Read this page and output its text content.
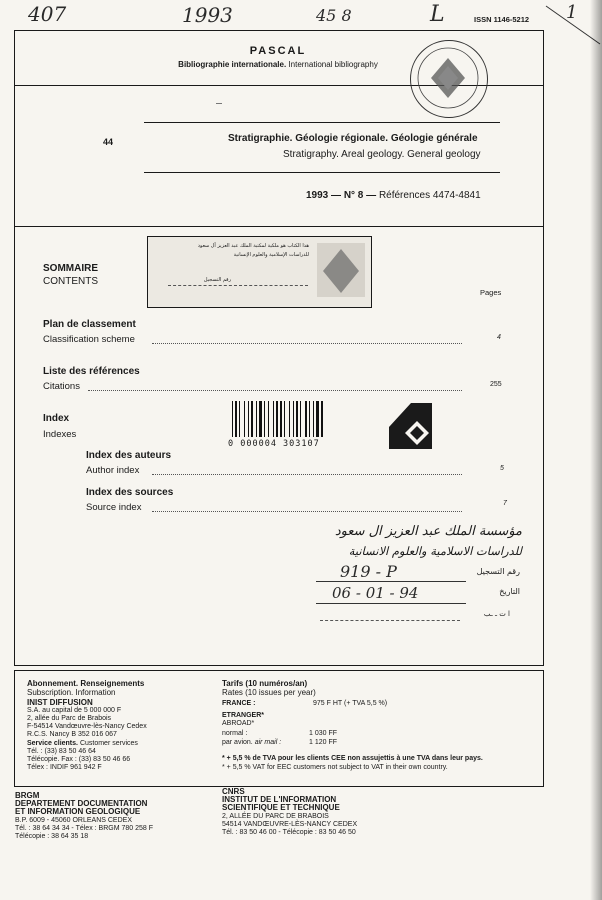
407	1993	45 8	L	1
ISSN 1146-5212
PASCAL
Bibliographie internationale. International bibliography
44	Stratigraphie. Géologie régionale. Géologie générale
Stratigraphy. Areal geology. General geology
1993 — N° 8 — Références 4474-4841
هذا الكتاب هو ملكية لمكتبة الملك عبد العزيز آل سعود
للدراسات الإسلامية والعلوم الإنسانية
رقم التسجيل
SOMMAIRE
CONTENTS
Pages
Plan de classement
Classification scheme	4
Liste des références
Citations	255
Index
Indexes
Index des auteurs
Author index	5
Index des sources
Source index	7
0 000004 303107
مؤسسة الملك عبد العزيز ال سعود
للدراسات الاسلامية والعلوم الانسانية
رقم التسجيل
919 - P
التاريخ
06 - 01 - 94
ا ت ـ ـب
Abonnement. Renseignements
Subscription. Information
INIST DIFFUSION
S.A. au capital de 5 000 000 F
2, allée du Parc de Brabois
F-54514 Vandœuvre-lès-Nancy Cedex
R.C.S. Nancy B 352 016 067
Service clients. Customer services
Tél. : (33) 83 50 46 64
Télécopie. Fax : (33) 83 50 46 66
Télex : INDIF 961 942 F
Tarifs (10 numéros/an)
Rates (10 issues per year)
FRANCE :	975 F HT (+ TVA 5,5 %)
ETRANGER*
ABROAD*
normal :	1 030 FF
par avion. air mail :	1 120 FF
* + 5,5 % de TVA pour les clients CEE non assujettis à une TVA dans leur pays.
* + 5,5 % VAT for EEC customers not subject to VAT in their own country.
BRGM
DEPARTEMENT DOCUMENTATION
ET INFORMATION GEOLOGIQUE
B.P. 6009 - 45060 ORLEANS CEDEX
Tél. : 38 64 34 34 - Télex : BRGM 780 258 F
Télécopie : 38 64 35 18
CNRS
INSTITUT DE L'INFORMATION
SCIENTIFIQUE ET TECHNIQUE
2, ALLÉE DU PARC DE BRABOIS
54514 VANDŒUVRE-LÈS-NANCY CEDEX
Tél. : 83 50 46 00 - Télécopie : 83 50 46 50
